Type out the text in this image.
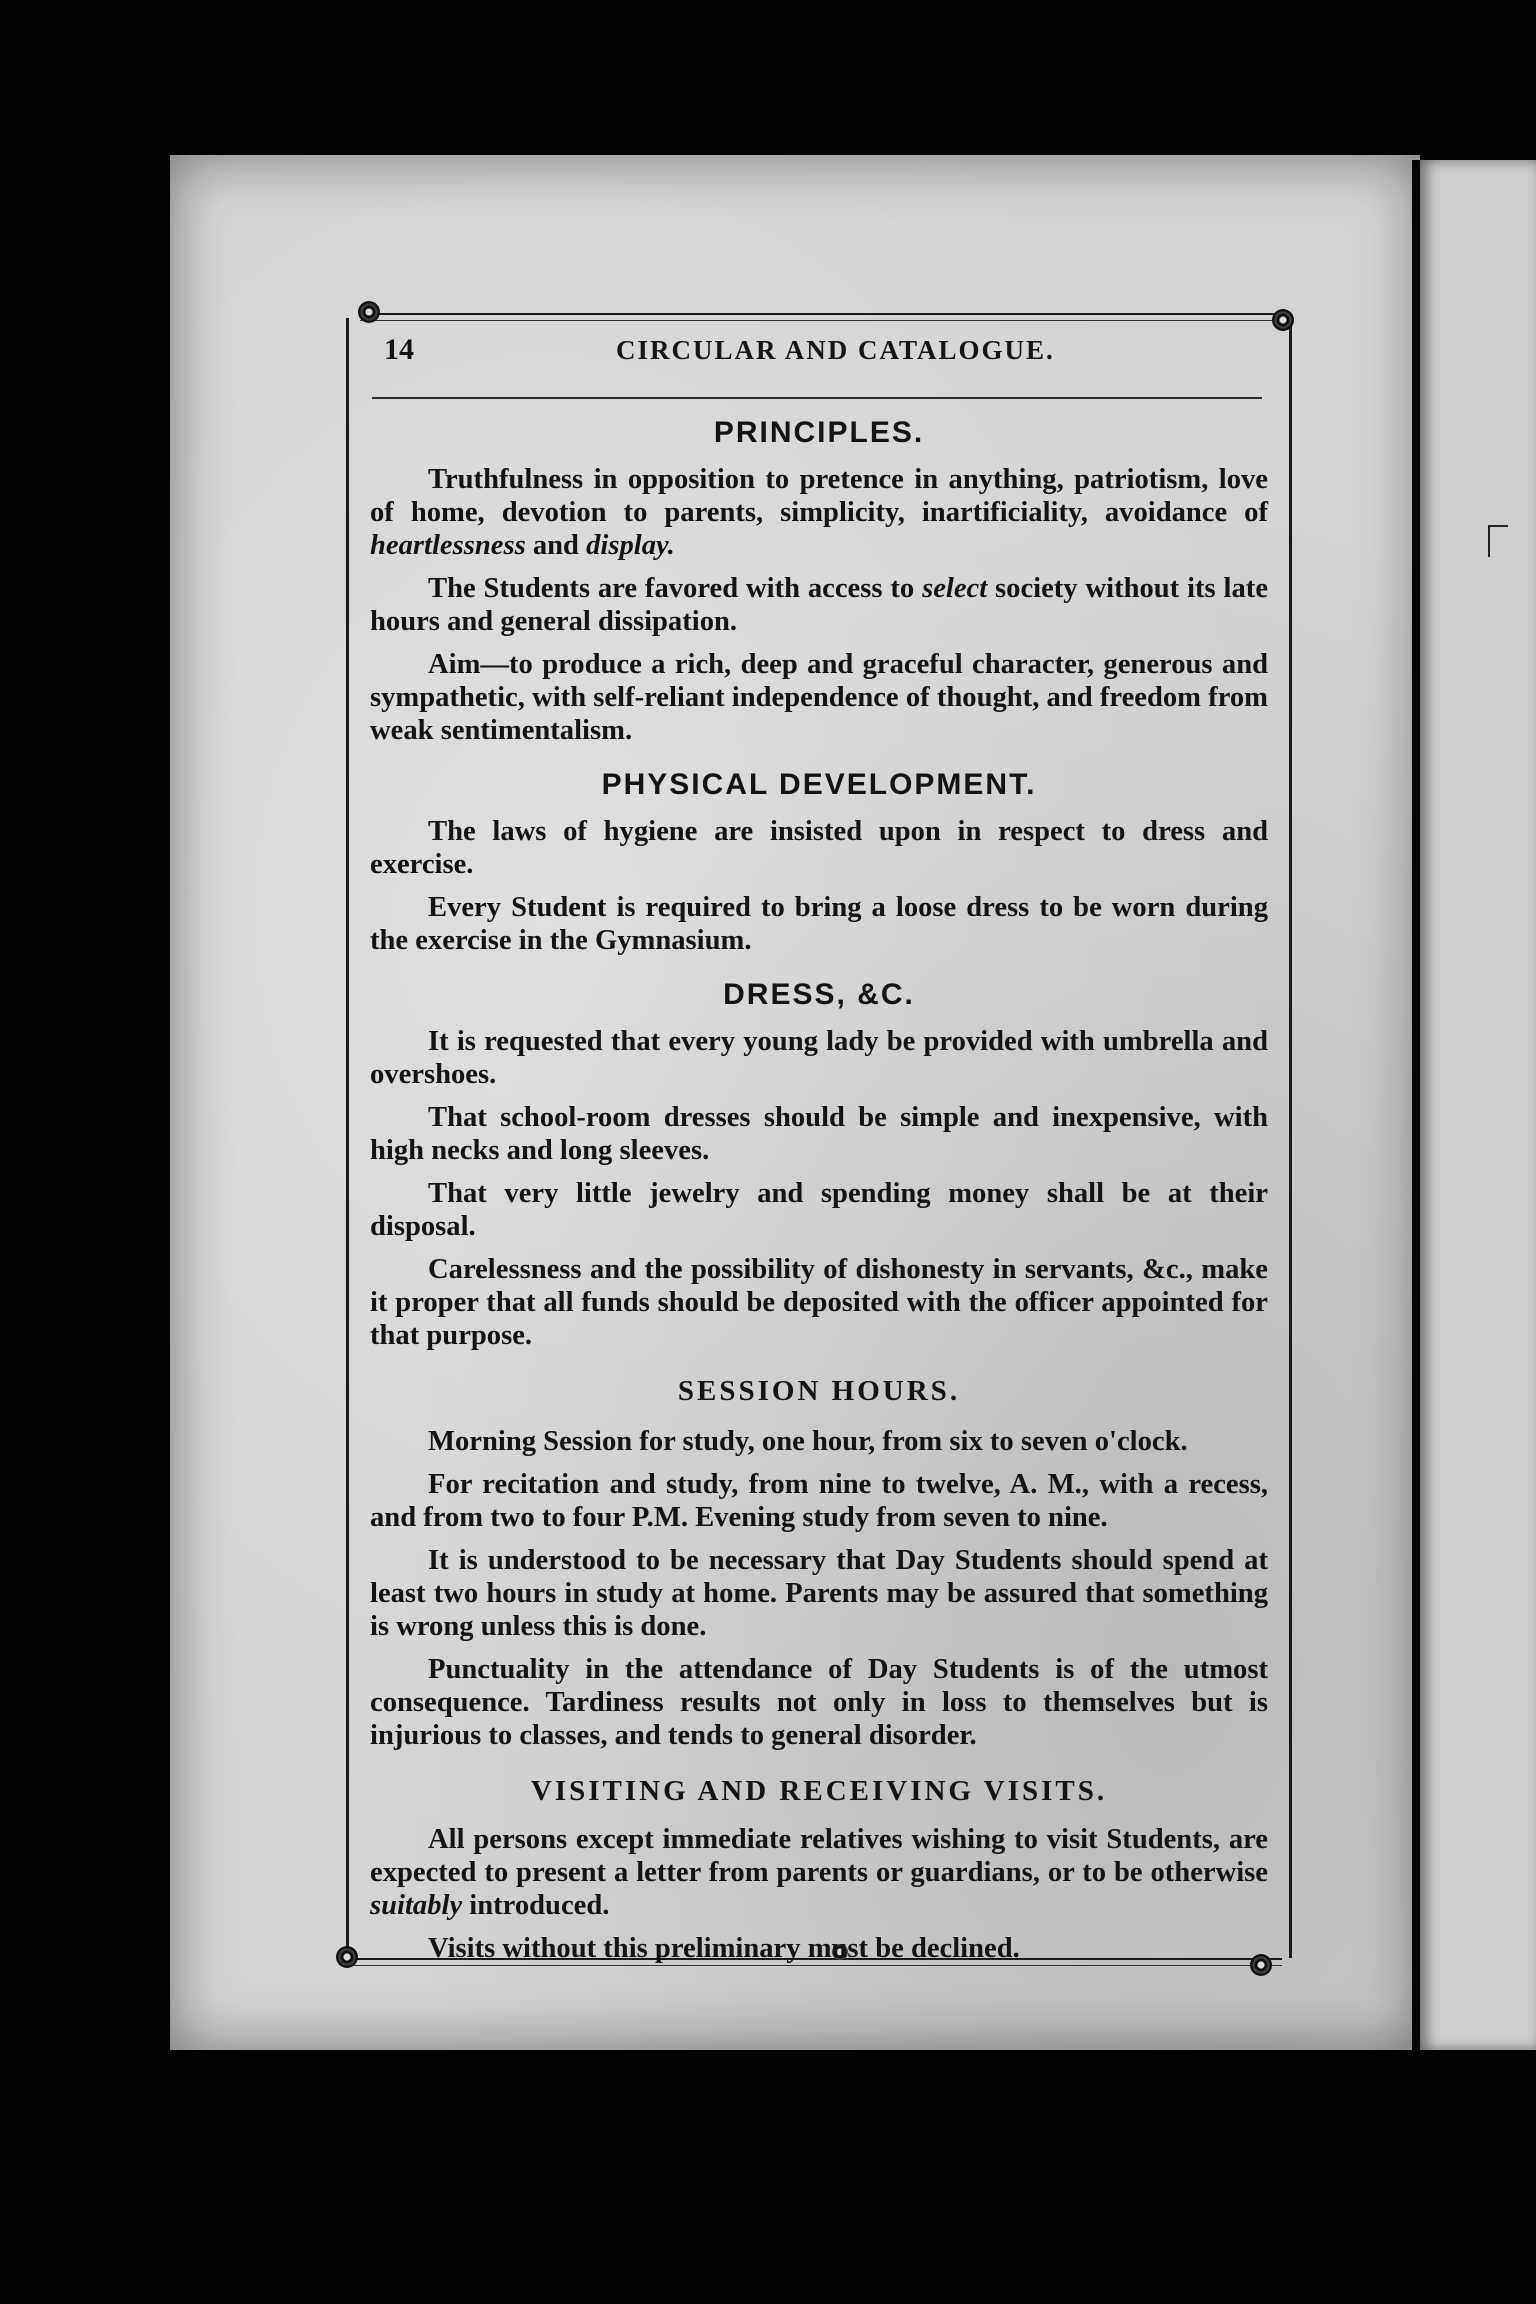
14	CIRCULAR AND CATALOGUE.
PRINCIPLES.

Truthfulness in opposition to pretence in anything, patriotism, love of home, devotion to parents, simplicity, inartificiality, avoidance of heartlessness and display.

The Students are favored with access to select society without its late hours and general dissipation.

Aim—to produce a rich, deep and graceful character, generous and sympathetic, with self-reliant independence of thought, and freedom from weak sentimentalism.

PHYSICAL DEVELOPMENT.

The laws of hygiene are insisted upon in respect to dress and exercise.

Every Student is required to bring a loose dress to be worn during the exercise in the Gymnasium.

DRESS, &C.

It is requested that every young lady be provided with umbrella and overshoes.

That school-room dresses should be simple and inexpensive, with high necks and long sleeves.

That very little jewelry and spending money shall be at their disposal.

Carelessness and the possibility of dishonesty in servants, &c., make it proper that all funds should be deposited with the officer appointed for that purpose.

SESSION HOURS.

Morning Session for study, one hour, from six to seven o'clock.

For recitation and study, from nine to twelve, A. M., with a recess, and from two to four P.M. Evening study from seven to nine.

It is understood to be necessary that Day Students should spend at least two hours in study at home. Parents may be assured that something is wrong unless this is done.

Punctuality in the attendance of Day Students is of the utmost consequence. Tardiness results not only in loss to themselves but is injurious to classes, and tends to general disorder.

VISITING AND RECEIVING VISITS.

All persons except immediate relatives wishing to visit Students, are expected to present a letter from parents or guardians, or to be otherwise suitably introduced.

Visits without this preliminary must be declined.
